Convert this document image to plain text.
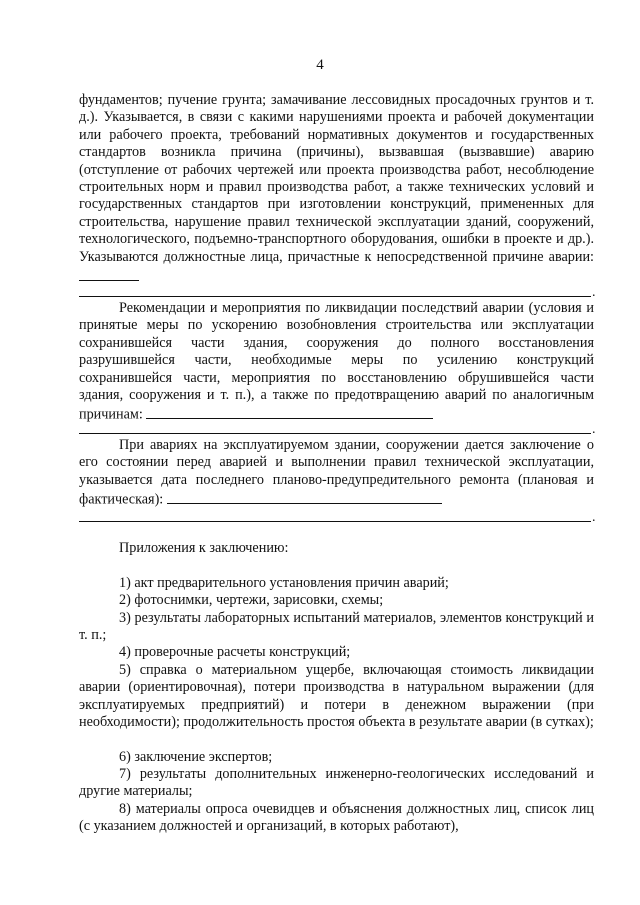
4

фундаментов; пучение грунта; замачивание лессовидных просадочных грунтов и т. д.). Указывается, в связи с какими нарушениями проекта и рабочей документации или рабочего проекта, требований нормативных документов и государственных стандартов возникла причина (причины), вызвавшая (вызвавшие) аварию (отступление от рабочих чертежей или проекта производства работ, несоблюдение строительных норм и правил производства работ, а также технических условий и государственных стандартов при изготовлении конструкций, примененных для строительства, нарушение правил технической эксплуатации зданий, сооружений, технологического, подъемно-транспортного оборудования, ошибки в проекте и др.). Указываются должностные лица, причастные к непосредственной причине аварии:

.

Рекомендации и мероприятия по ликвидации последствий аварии (условия и принятые меры по ускорению возобновления строительства или эксплуатации сохранившейся части здания, сооружения до полного восстановления разрушившейся части, необходимые меры по усилению конструкций сохранившейся части, мероприятия по восстановлению обрушившейся части здания, сооружения и т. п.), а также по предотвращению аварий по аналогичным причинам:

.

При авариях на эксплуатируемом здании, сооружении дается заключение о его состоянии перед аварией и выполнении правил технической эксплуатации, указывается дата последнего планово-предупредительного ремонта (плановая и фактическая):

.

Приложения к заключению:

1) акт предварительного установления причин аварий;
2) фотоснимки, чертежи, зарисовки, схемы;
3) результаты лабораторных испытаний материалов, элементов конструкций и т. п.;
4) проверочные расчеты конструкций;
5) справка о материальном ущербе, включающая стоимость ликвидации аварии (ориентировочная), потери производства в натуральном выражении (для эксплуатируемых предприятий) и потери в денежном выражении (при необходимости); продолжительность простоя объекта в результате аварии (в сутках);
6) заключение экспертов;
7) результаты дополнительных инженерно-геологических исследований и другие материалы;
8) материалы опроса очевидцев и объяснения должностных лиц, список лиц (с указанием должностей и организаций, в которых работают),
